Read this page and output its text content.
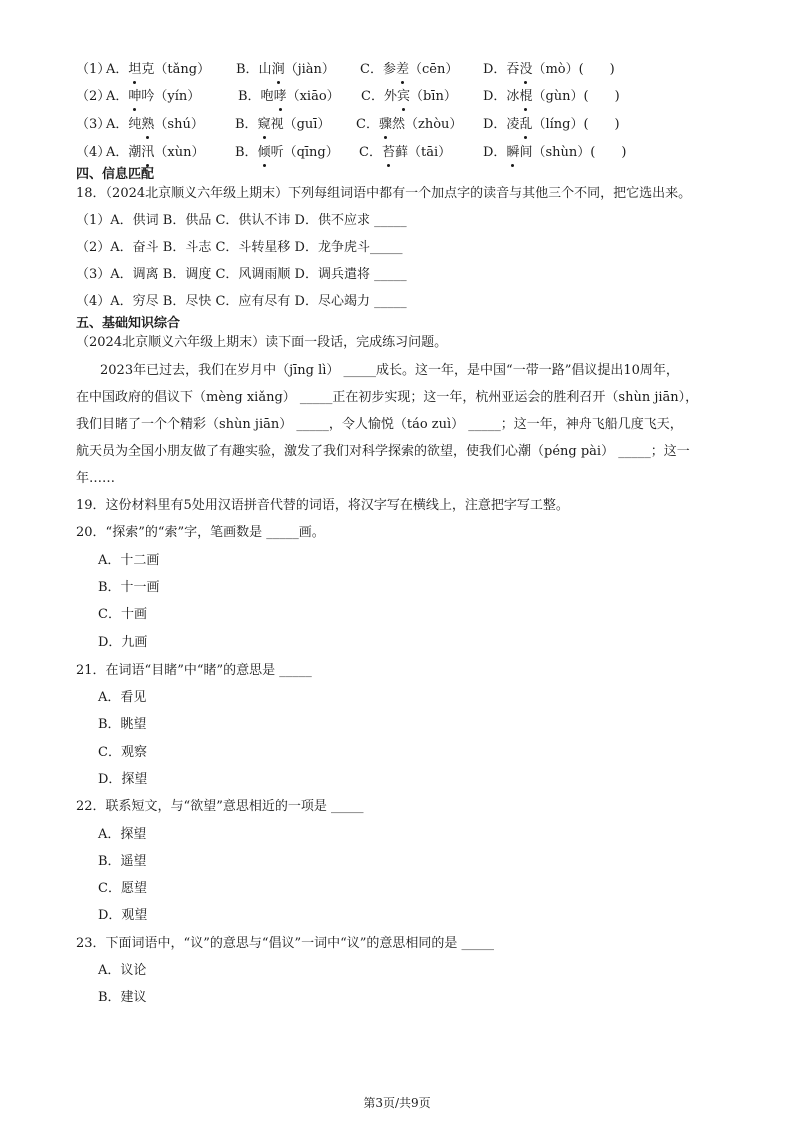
（1）
A．坦克（tǎng） B．山涧（jiàn） C．参差（cēn） D．吞没（mò）(　　)
（2）
A．呻吟（yín）	B．咆哮（xiāo） C．外宾（bīn） D．冰棍（gùn）(　　)
（3）
A．纯熟（shú） B．窥视（guī） C．骤然（zhòu） D．凌乱（líng）(　　)
（4）
A．潮汛（xùn） B．倾听（qīng） C．苔藓（tāi） D．瞬间（shùn）(　　)
四、信息匹配
18．（2024北京顺义六年级上期末）下列每组词语中都有一个加点字的读音与其他三个不同，把它选出来。
（1）A．供词 B．供品 C．供认不讳 D．供不应求 _____
（2）A．奋斗 B．斗志 C．斗转星移 D．龙争虎斗_____
（3）A．调离 B．调度 C．风调雨顺 D．调兵遣将 _____
（4）A．穷尽 B．尽快 C．应有尽有 D．尽心竭力 _____
五、基础知识综合
（2024北京顺义六年级上期末）读下面一段话，完成练习问题。
2023年已过去，我们在岁月中（jīng lì） _____成长。这一年，是中国“一带一路”倡议提出10周年，
在中国政府的倡议下（mèng xiǎng） _____正在初步实现；这一年，杭州亚运会的胜利召开（shùn jiān），
我们目睹了一个个精彩（shùn jiān） _____，令人愉悦（táo zuì） _____；这一年，神舟飞船几度飞天，
航天员为全国小朋友做了有趣实验，激发了我们对科学探索的欲望，使我们心潮（péng pài） _____；这一
年……
19．这份材料里有5处用汉语拼音代替的词语，将汉字写在横线上，注意把字写工整。
20．“探索”的“索”字，笔画数是 _____画。
A．十二画
B．十一画
C．十画
D．九画
21．在词语“目睹”中“睹”的意思是 _____
A．看见
B．眺望
C．观察
D．探望
22．联系短文，与“欲望”意思相近的一项是 _____
A．探望
B．遥望
C．愿望
D．观望
23．下面词语中，“议”的意思与“倡议”一词中“议”的意思相同的是 _____
A．议论
B．建议
第3页/共9页
